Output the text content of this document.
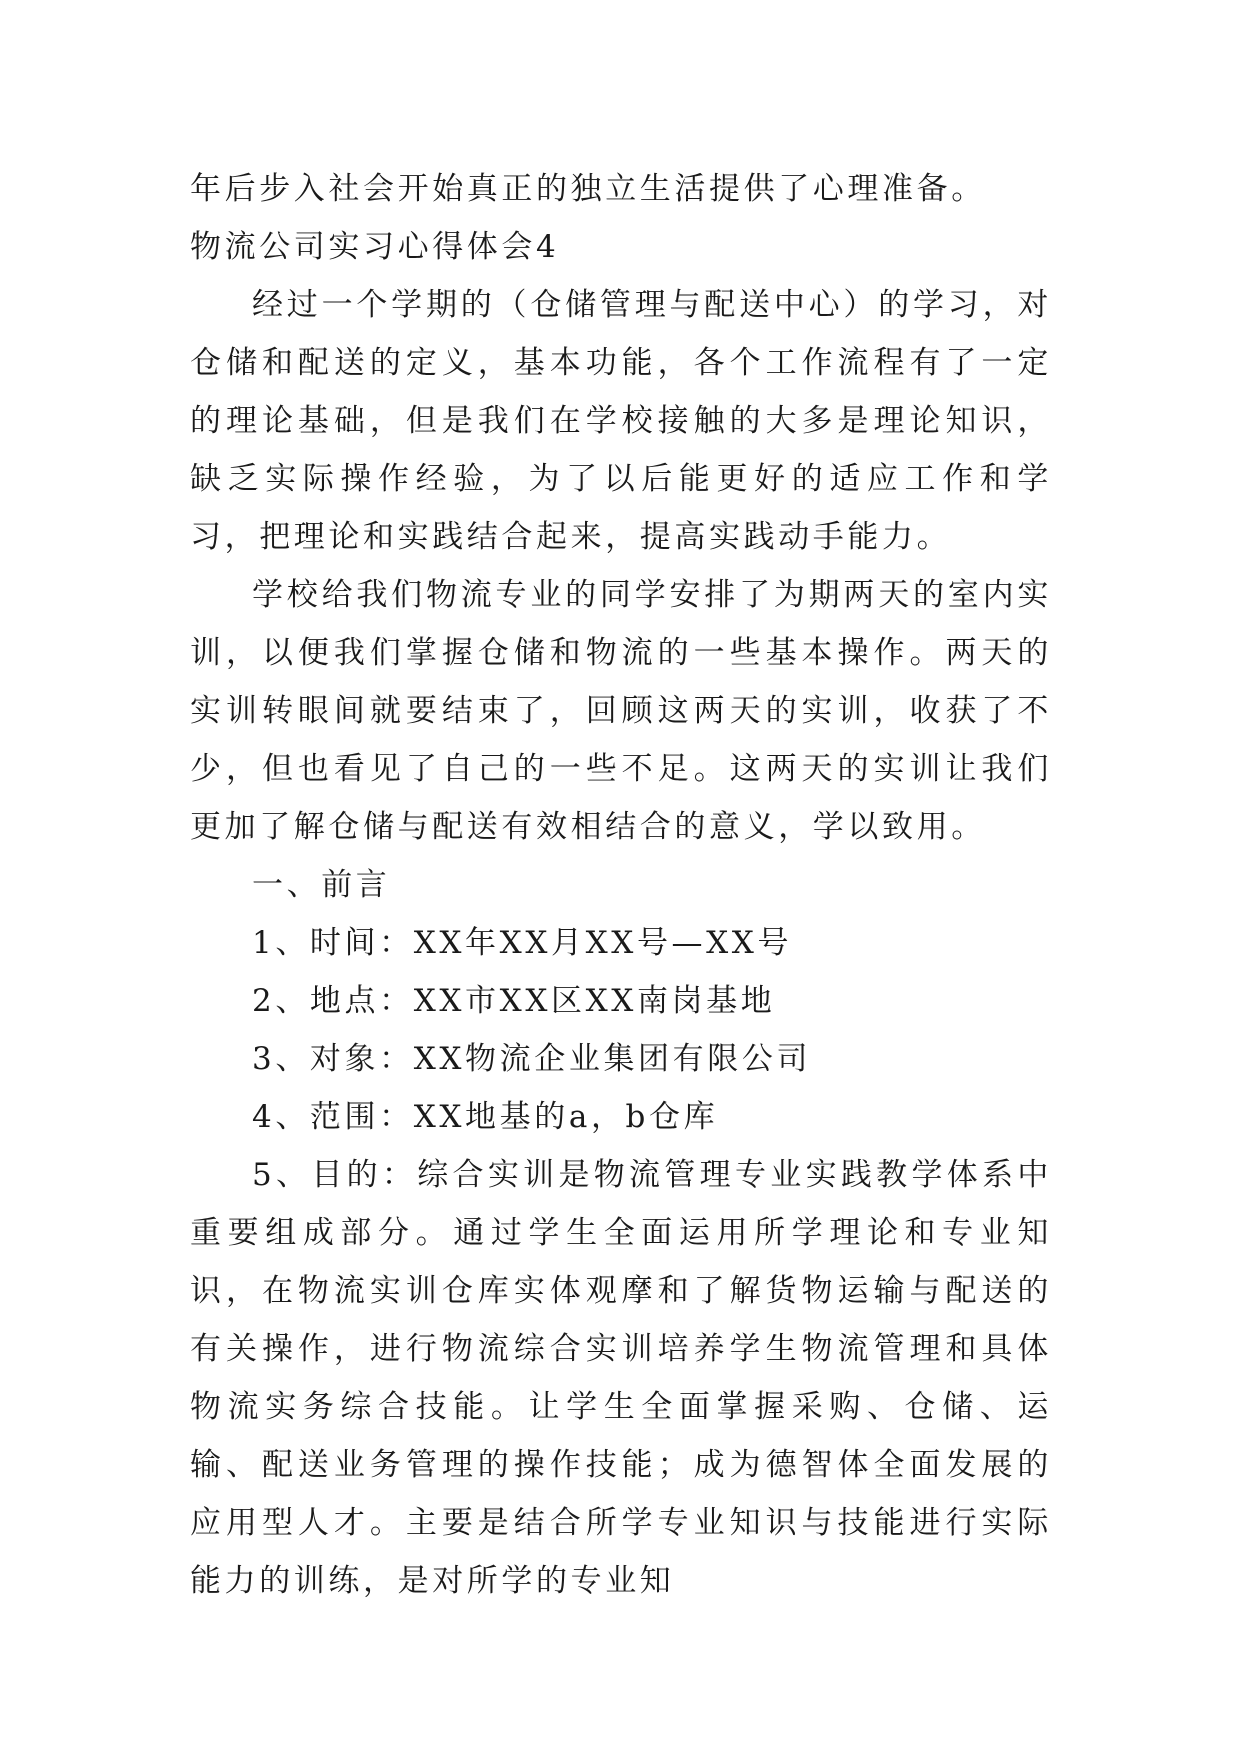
年后步入社会开始真正的独立生活提供了心理准备。
物流公司实习心得体会4

经过一个学期的（仓储管理与配送中心）的学习，对仓储和配送的定义，基本功能，各个工作流程有了一定的理论基础，但是我们在学校接触的大多是理论知识，缺乏实际操作经验，为了以后能更好的适应工作和学习，把理论和实践结合起来，提高实践动手能力。

学校给我们物流专业的同学安排了为期两天的室内实训，以便我们掌握仓储和物流的一些基本操作。两天的实训转眼间就要结束了，回顾这两天的实训，收获了不少，但也看见了自己的一些不足。这两天的实训让我们更加了解仓储与配送有效相结合的意义，学以致用。

一、前言
1、时间：XX年XX月XX号—XX号
2、地点：XX市XX区XX南岗基地
3、对象：XX物流企业集团有限公司
4、范围：XX地基的a，b仓库

5、目的：综合实训是物流管理专业实践教学体系中重要组成部分。通过学生全面运用所学理论和专业知识，在物流实训仓库实体观摩和了解货物运输与配送的有关操作，进行物流综合实训培养学生物流管理和具体物流实务综合技能。让学生全面掌握采购、仓储、运输、配送业务管理的操作技能；成为德智体全面发展的应用型人才。主要是结合所学专业知识与技能进行实际能力的训练，是对所学的专业知
